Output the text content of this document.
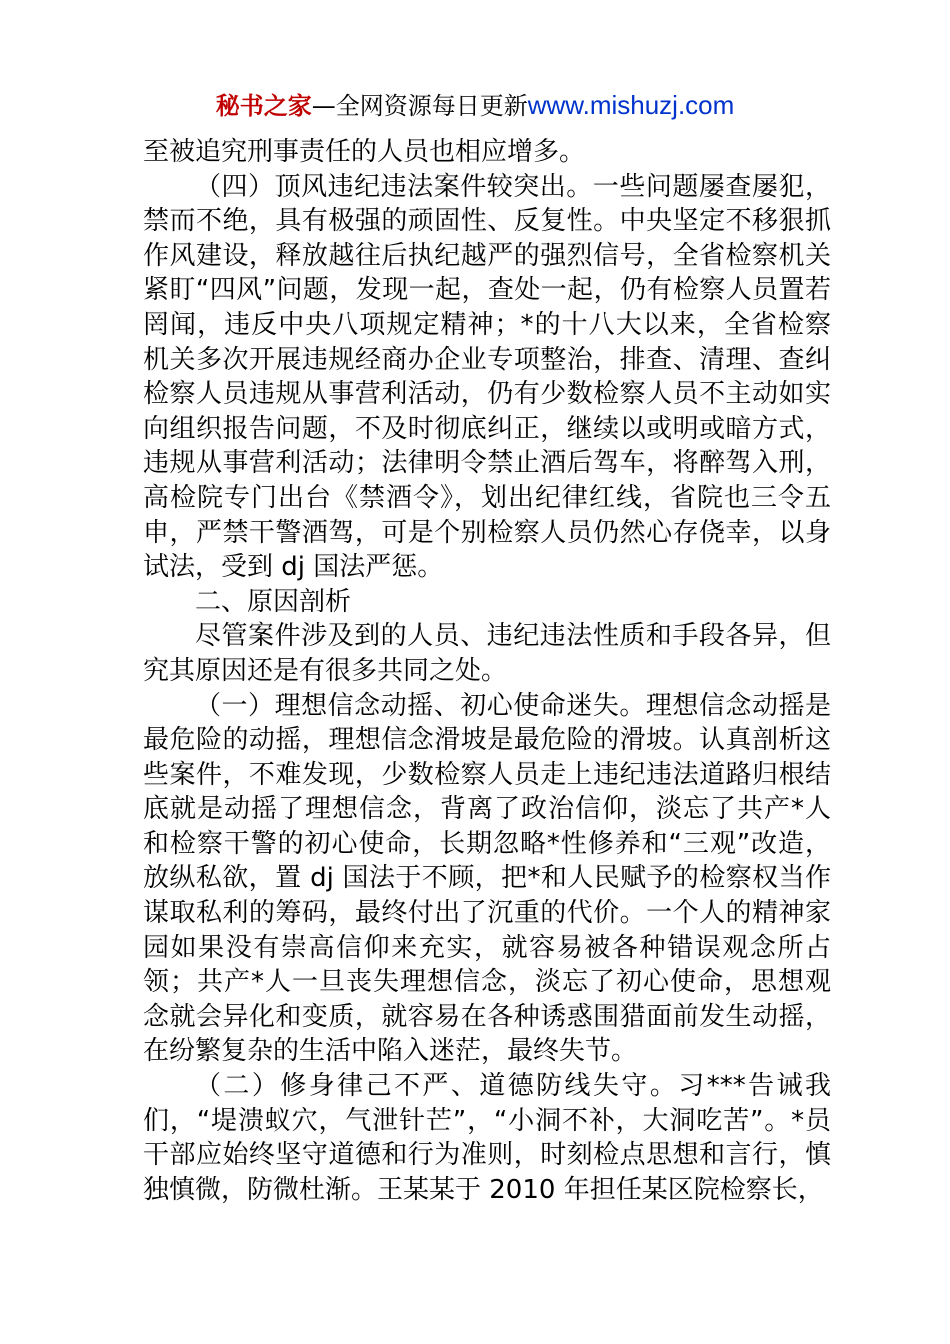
秘书之家—全网资源每日更新www.mishuzj.com

至被追究刑事责任的人员也相应增多。

（四）顶风违纪违法案件较突出。一些问题屡查屡犯，禁而不绝，具有极强的顽固性、反复性。中央坚定不移狠抓作风建设，释放越往后执纪越严的强烈信号，全省检察机关紧盯“四风”问题，发现一起，查处一起，仍有检察人员置若罔闻，违反中央八项规定精神；*的十八大以来，全省检察机关多次开展违规经商办企业专项整治，排查、清理、查纠检察人员违规从事营利活动，仍有少数检察人员不主动如实向组织报告问题，不及时彻底纠正，继续以或明或暗方式，违规从事营利活动；法律明令禁止酒后驾车，将醉驾入刑，高检院专门出台《禁酒令》，划出纪律红线，省院也三令五申，严禁干警酒驾，可是个别检察人员仍然心存侥幸，以身试法，受到 dj 国法严惩。

二、原因剖析

尽管案件涉及到的人员、违纪违法性质和手段各异，但究其原因还是有很多共同之处。

（一）理想信念动摇、初心使命迷失。理想信念动摇是最危险的动摇，理想信念滑坡是最危险的滑坡。认真剖析这些案件，不难发现，少数检察人员走上违纪违法道路归根结底就是动摇了理想信念，背离了政治信仰，淡忘了共产*人和检察干警的初心使命，长期忽略*性修养和“三观”改造，放纵私欲，置 dj 国法于不顾，把*和人民赋予的检察权当作谋取私利的筹码，最终付出了沉重的代价。一个人的精神家园如果没有崇高信仰来充实，就容易被各种错误观念所占领；共产*人一旦丧失理想信念，淡忘了初心使命，思想观念就会异化和变质，就容易在各种诱惑围猎面前发生动摇，在纷繁复杂的生活中陷入迷茫，最终失节。

（二）修身律己不严、道德防线失守。习***告诫我们，“堤溃蚁穴，气泄针芒”，“小洞不补，大洞吃苦”。*员干部应始终坚守道德和行为准则，时刻检点思想和言行，慎独慎微，防微杜渐。王某某于 2010 年担任某区院检察长，
